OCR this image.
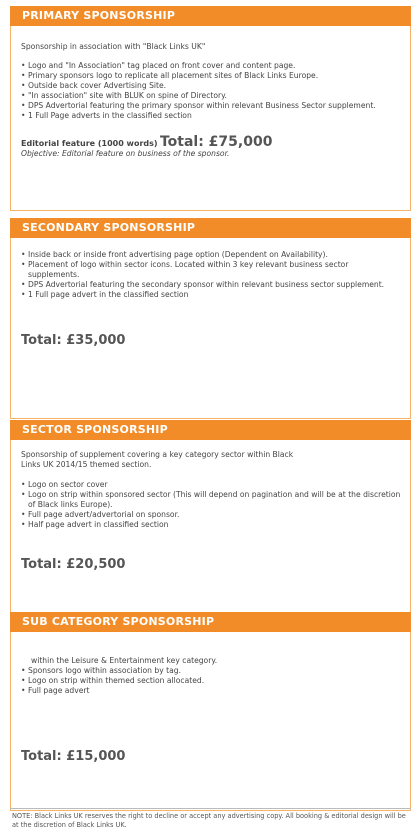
PRIMARY SPONSORSHIP

Sponsorship in association with "Black Links UK"

• Logo and "In Association" tag placed on front cover and content page.
• Primary sponsors logo to replicate all placement sites of Black Links Europe.
• Outside back cover Advertising Site.
• "In association" site with BLUK on spine of Directory.
• DPS Advertorial featuring the primary sponsor within relevant Business Sector supplement.
• 1 Full Page adverts in the classified section
Editorial feature (1000 words) Total: £75,000

Objective: Editorial feature on business of the sponsor.

SECONDARY SPONSORSHIP
• Inside back or inside front advertising page option (Dependent on Availability).
• Placement of logo within sector icons. Located within 3 key relevant business sector supplements.
• DPS Advertorial featuring the secondary sponsor within relevant business sector supplement.
• 1 Full page advert in the classified section
Total: £35,000
SECTOR SPONSORSHIP

Sponsorship of supplement covering a key category sector within Black Links UK 2014/15 themed section.

• Logo on sector cover
• Logo on strip within sponsored sector (This will depend on pagination and will be at the discretion of Black links Europe).
• Full page advert/advertorial on sponsor.
• Half page advert in classified section
Total: £20,500
SUB CATEGORY SPONSORSHIP

within the Leisure & Entertainment key category.

• Sponsors logo within association by tag.
• Logo on strip within themed section allocated.
• Full page advert
Total: £15,000
NOTE: Black Links UK reserves the right to decline or accept any advertising copy. All booking & editorial design will be at the discretion of Black Links UK.
